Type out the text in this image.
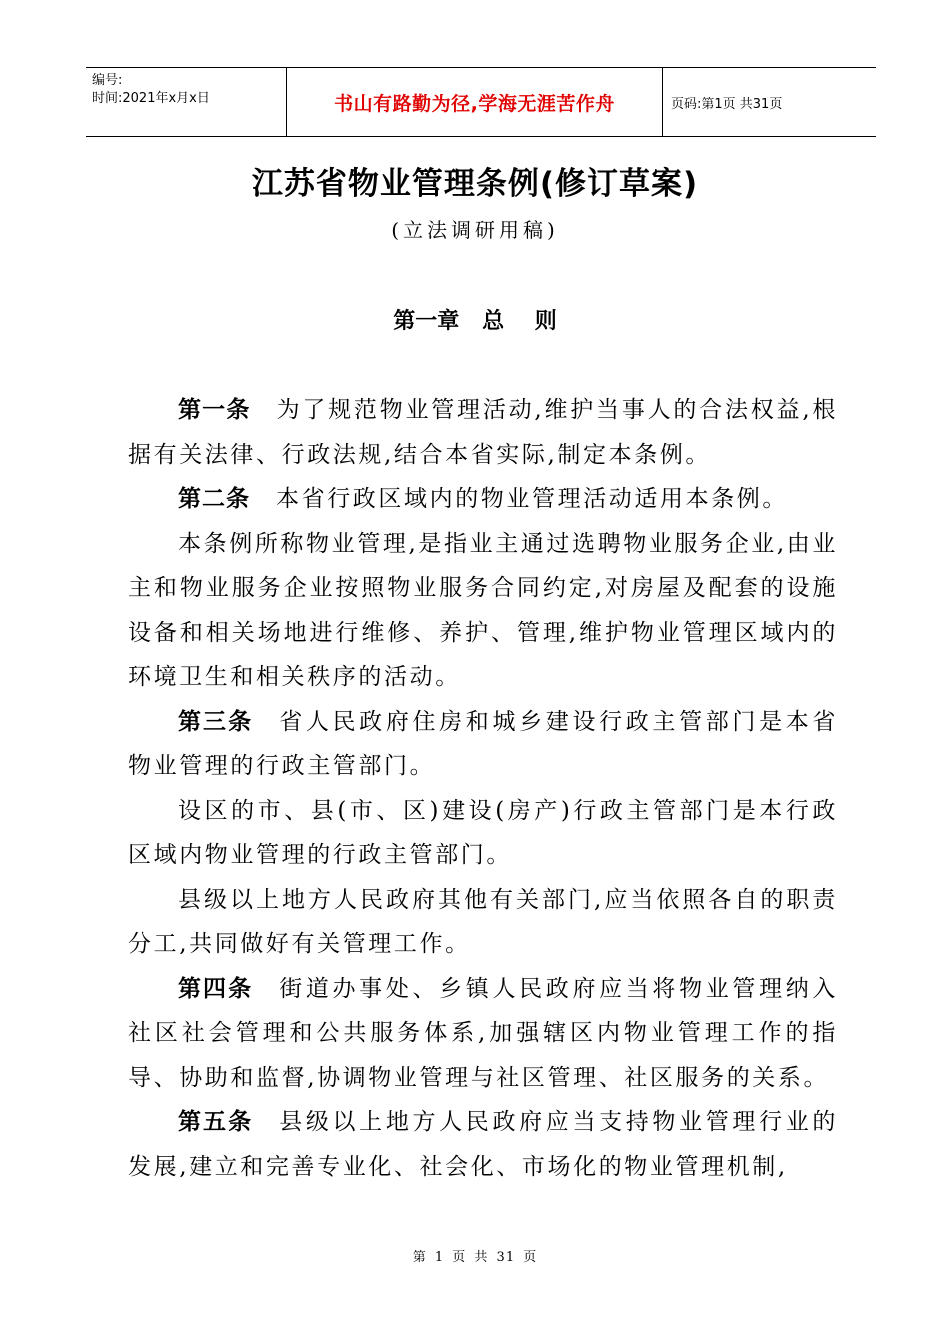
编号:
时间:2021年x月x日	书山有路勤为径,学海无涯苦作舟	页码:第1页 共31页
江苏省物业管理条例(修订草案)
(立法调研用稿)
第一章   总    则

第一条 为了规范物业管理活动,维护当事人的合法权益,根据有关法律、行政法规,结合本省实际,制定本条例。

第二条 本省行政区域内的物业管理活动适用本条例。

本条例所称物业管理,是指业主通过选聘物业服务企业,由业主和物业服务企业按照物业服务合同约定,对房屋及配套的设施设备和相关场地进行维修、养护、管理,维护物业管理区域内的环境卫生和相关秩序的活动。

第三条 省人民政府住房和城乡建设行政主管部门是本省物业管理的行政主管部门。

设区的市、县(市、区)建设(房产)行政主管部门是本行政区域内物业管理的行政主管部门。

县级以上地方人民政府其他有关部门,应当依照各自的职责分工,共同做好有关管理工作。

第四条 街道办事处、乡镇人民政府应当将物业管理纳入社区社会管理和公共服务体系,加强辖区内物业管理工作的指导、协助和监督,协调物业管理与社区管理、社区服务的关系。

第五条 县级以上地方人民政府应当支持物业管理行业的发展,建立和完善专业化、社会化、市场化的物业管理机制,

第 1 页 共 31 页
